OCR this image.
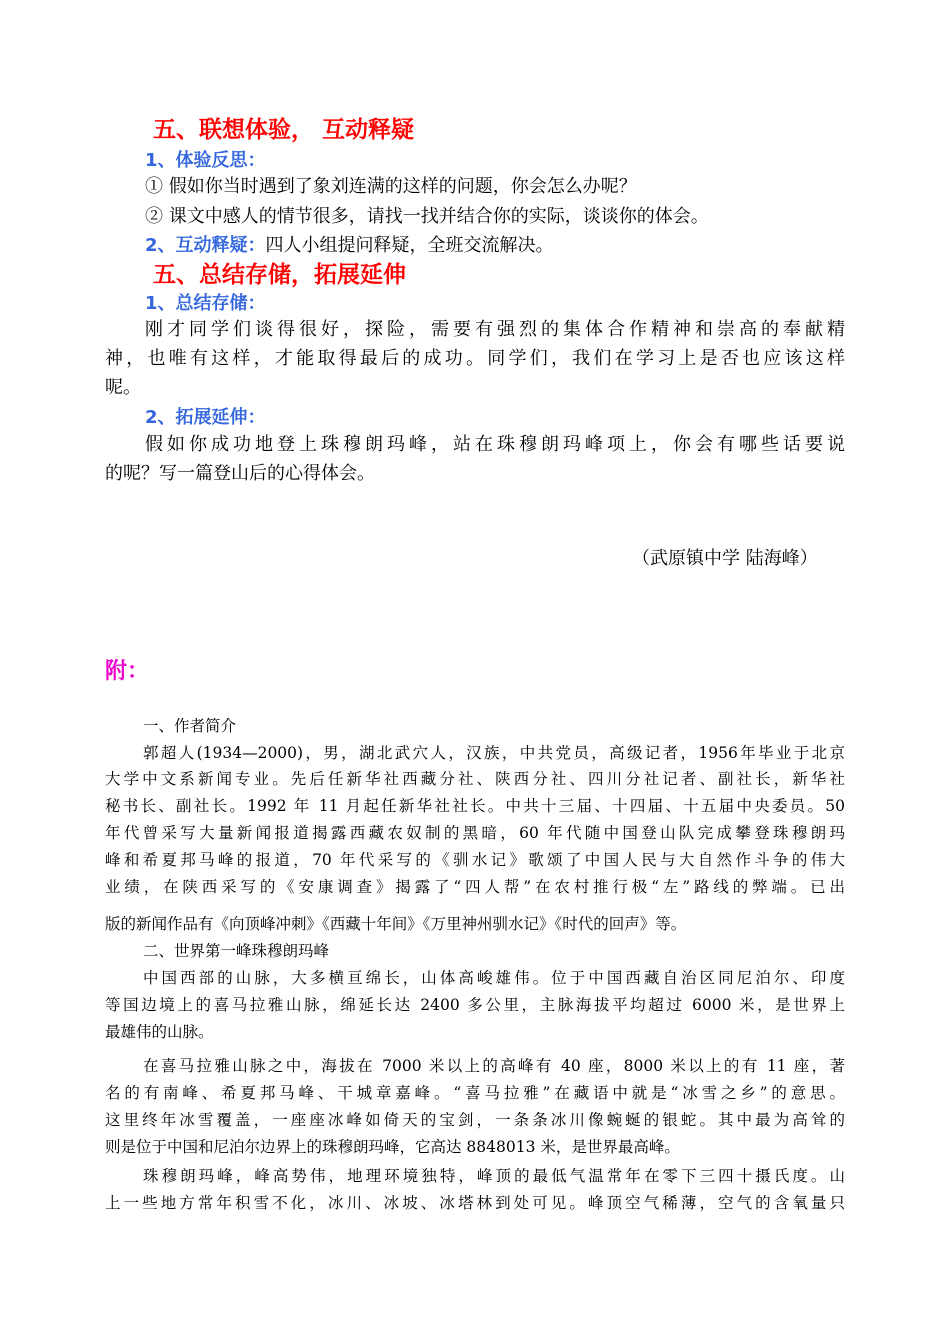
五、联想体验， 互动释疑
1、体验反思：
① 假如你当时遇到了象刘连满的这样的问题，你会怎么办呢？
② 课文中感人的情节很多，请找一找并结合你的实际，谈谈你的体会。
2、互动释疑：四人小组提问释疑，全班交流解决。
五、总结存储，拓展延伸
1、总结存储：
刚才同学们谈得很好，探险，需要有强烈的集体合作精神和崇高的奉献精
神，也唯有这样，才能取得最后的成功。同学们，我们在学习上是否也应该这样
呢。
2、拓展延伸：
假如你成功地登上珠穆朗玛峰，站在珠穆朗玛峰项上，你会有哪些话要说
的呢？写一篇登山后的心得体会。
（武原镇中学 陆海峰）
附：
一、作者简介
郭超人(1934—2000)，男，湖北武穴人，汉族，中共党员，高级记者，1956年毕业于北京
大学中文系新闻专业。先后任新华社西藏分社、陕西分社、四川分社记者、副社长，新华社
秘书长、副社长。1992 年 11 月起任新华社社长。中共十三届、十四届、十五届中央委员。50
年代曾采写大量新闻报道揭露西藏农奴制的黑暗，60 年代随中国登山队完成攀登珠穆朗玛
峰和希夏邦马峰的报道，70 年代采写的《驯水记》歌颂了中国人民与大自然作斗争的伟大
业绩，在陕西采写的《安康调查》揭露了“四人帮”在农村推行极“左”路线的弊端。已出
版的新闻作品有《向顶峰冲刺》《西藏十年间》《万里神州驯水记》《时代的回声》等。
二、世界第一峰珠穆朗玛峰
中国西部的山脉，大多横亘绵长，山体高峻雄伟。位于中国西藏自治区同尼泊尔、印度
等国边境上的喜马拉雅山脉，绵延长达 2400 多公里，主脉海拔平均超过 6000 米，是世界上
最雄伟的山脉。
在喜马拉雅山脉之中，海拔在 7000 米以上的高峰有 40 座，8000 米以上的有 11 座，著
名的有南峰、希夏邦马峰、干城章嘉峰。“喜马拉雅”在藏语中就是“冰雪之乡”的意思。
这里终年冰雪覆盖，一座座冰峰如倚天的宝剑，一条条冰川像蜿蜒的银蛇。其中最为高耸的
则是位于中国和尼泊尔边界上的珠穆朗玛峰，它高达 8848013 米，是世界最高峰。
珠穆朗玛峰，峰高势伟，地理环境独特，峰顶的最低气温常年在零下三四十摄氏度。山
上一些地方常年积雪不化，冰川、冰坡、冰塔林到处可见。峰顶空气稀薄，空气的含氧量只
